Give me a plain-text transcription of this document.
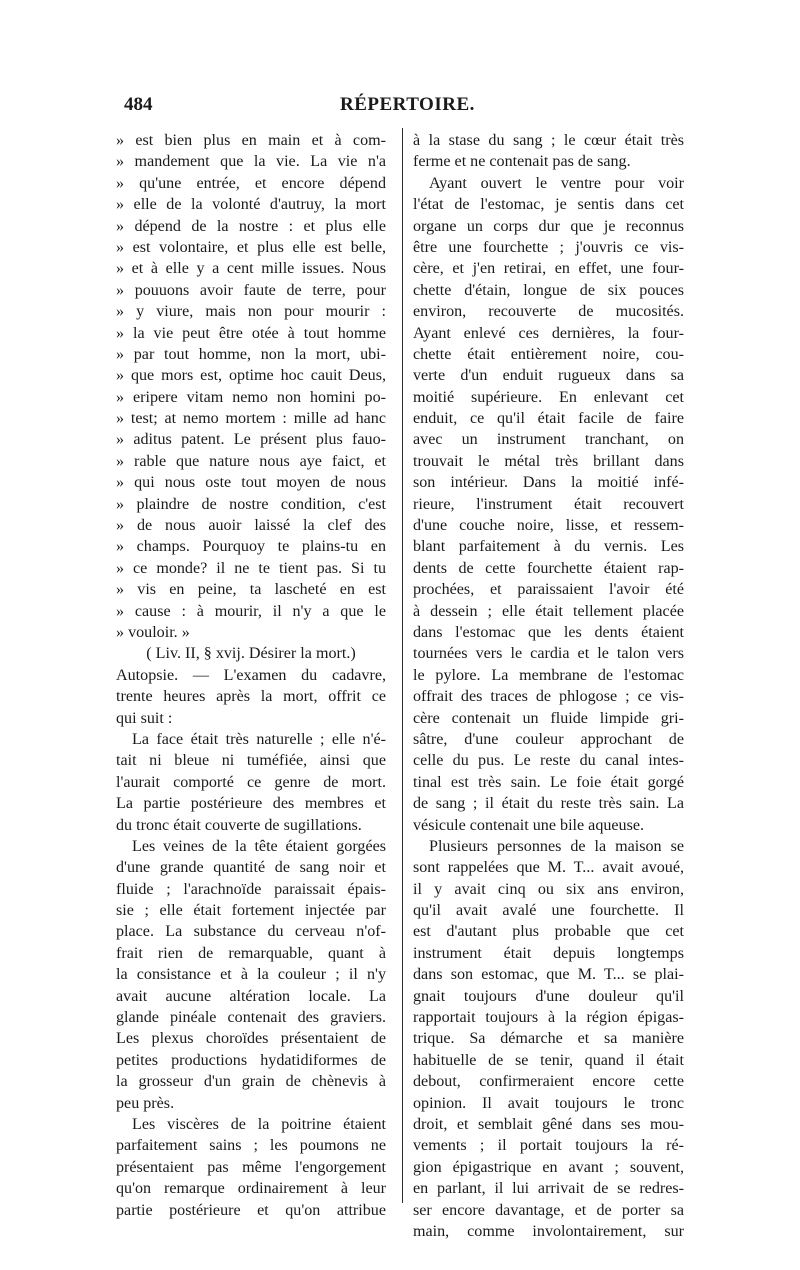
484	RÉPERTOIRE.
» est bien plus en main et à com-
» mandement que la vie. La vie n'a
» qu'une entrée, et encore dépend
» elle de la volonté d'autruy, la mort
» dépend de la nostre : et plus elle
» est volontaire, et plus elle est belle,
» et à elle y a cent mille issues. Nous
» pouuons avoir faute de terre, pour
» y viure, mais non pour mourir :
» la vie peut être otée à tout homme
» par tout homme, non la mort, ubi-
» que mors est, optime hoc cauit Deus,
» eripere vitam nemo non homini po-
» test; at nemo mortem : mille ad hanc
» aditus patent. Le présent plus fauo-
» rable que nature nous aye faict, et
» qui nous oste tout moyen de nous
» plaindre de nostre condition, c'est
» de nous auoir laissé la clef des
» champs. Pourquoy te plains-tu en
» ce monde? il ne te tient pas. Si tu
» vis en peine, ta lascheté en est
» cause : à mourir, il n'y a que le
» vouloir. »
( Liv. II, § xvij. Désirer la mort.)
Autopsie. — L'examen du cadavre,
trente heures après la mort, offrit ce
qui suit :
La face était très naturelle ; elle n'é-
tait ni bleue ni tuméfiée, ainsi que
l'aurait comporté ce genre de mort.
La partie postérieure des membres et
du tronc était couverte de sugillations.
Les veines de la tête étaient gorgées
d'une grande quantité de sang noir et
fluide ; l'arachnoïde paraissait épais-
sie ; elle était fortement injectée par
place. La substance du cerveau n'of-
frait rien de remarquable, quant à
la consistance et à la couleur ; il n'y
avait aucune altération locale. La
glande pinéale contenait des graviers.
Les plexus choroïdes présentaient de
petites productions hydatidiformes de
la grosseur d'un grain de chènevis à
peu près.
Les viscères de la poitrine étaient
parfaitement sains ; les poumons ne
présentaient pas même l'engorgement
qu'on remarque ordinairement à leur
partie postérieure et qu'on attribue
à la stase du sang ; le cœur était très
ferme et ne contenait pas de sang.
Ayant ouvert le ventre pour voir
l'état de l'estomac, je sentis dans cet
organe un corps dur que je reconnus
être une fourchette ; j'ouvris ce vis-
cère, et j'en retirai, en effet, une four-
chette d'étain, longue de six pouces
environ, recouverte de mucosités.
Ayant enlevé ces dernières, la four-
chette était entièrement noire, cou-
verte d'un enduit rugueux dans sa
moitié supérieure. En enlevant cet
enduit, ce qu'il était facile de faire
avec un instrument tranchant, on
trouvait le métal très brillant dans
son intérieur. Dans la moitié infé-
rieure, l'instrument était recouvert
d'une couche noire, lisse, et ressem-
blant parfaitement à du vernis. Les
dents de cette fourchette étaient rap-
prochées, et paraissaient l'avoir été
à dessein ; elle était tellement placée
dans l'estomac que les dents étaient
tournées vers le cardia et le talon vers
le pylore. La membrane de l'estomac
offrait des traces de phlogose ; ce vis-
cère contenait un fluide limpide gri-
sâtre, d'une couleur approchant de
celle du pus. Le reste du canal intes-
tinal est très sain. Le foie était gorgé
de sang ; il était du reste très sain. La
vésicule contenait une bile aqueuse.
Plusieurs personnes de la maison se
sont rappelées que M. T... avait avoué,
il y avait cinq ou six ans environ,
qu'il avait avalé une fourchette. Il
est d'autant plus probable que cet
instrument était depuis longtemps
dans son estomac, que M. T... se plai-
gnait toujours d'une douleur qu'il
rapportait toujours à la région épigas-
trique. Sa démarche et sa manière
habituelle de se tenir, quand il était
debout, confirmeraient encore cette
opinion. Il avait toujours le tronc
droit, et semblait gêné dans ses mou-
vements ; il portait toujours la ré-
gion épigastrique en avant ; souvent,
en parlant, il lui arrivait de se redres-
ser encore davantage, et de porter sa
main, comme involontairement, sur
